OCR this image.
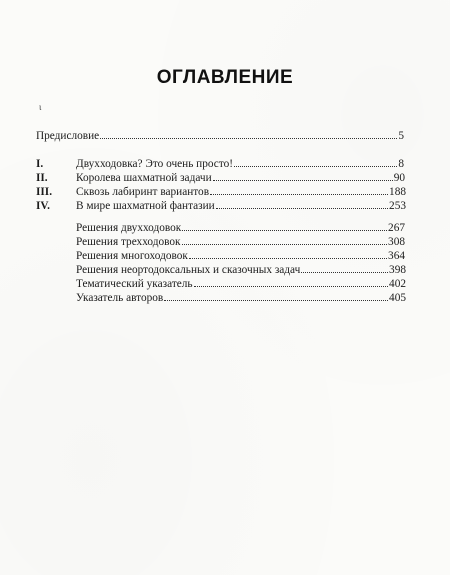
ОГЛАВЛЕНИЕ
ι
Предисловие	5
I.	Двухходовка? Это очень просто!	8
II.	Королева шахматной задачи	90
III.	Сквозь лабиринт вариантов	188
IV.	В мире шахматной фантазии	253
Решения двухходовок	267
Решения трехходовок	308
Решения многоходовок	364
Решения неортодоксальных и сказочных задач	398
Тематический указатель	402
Указатель авторов	405
